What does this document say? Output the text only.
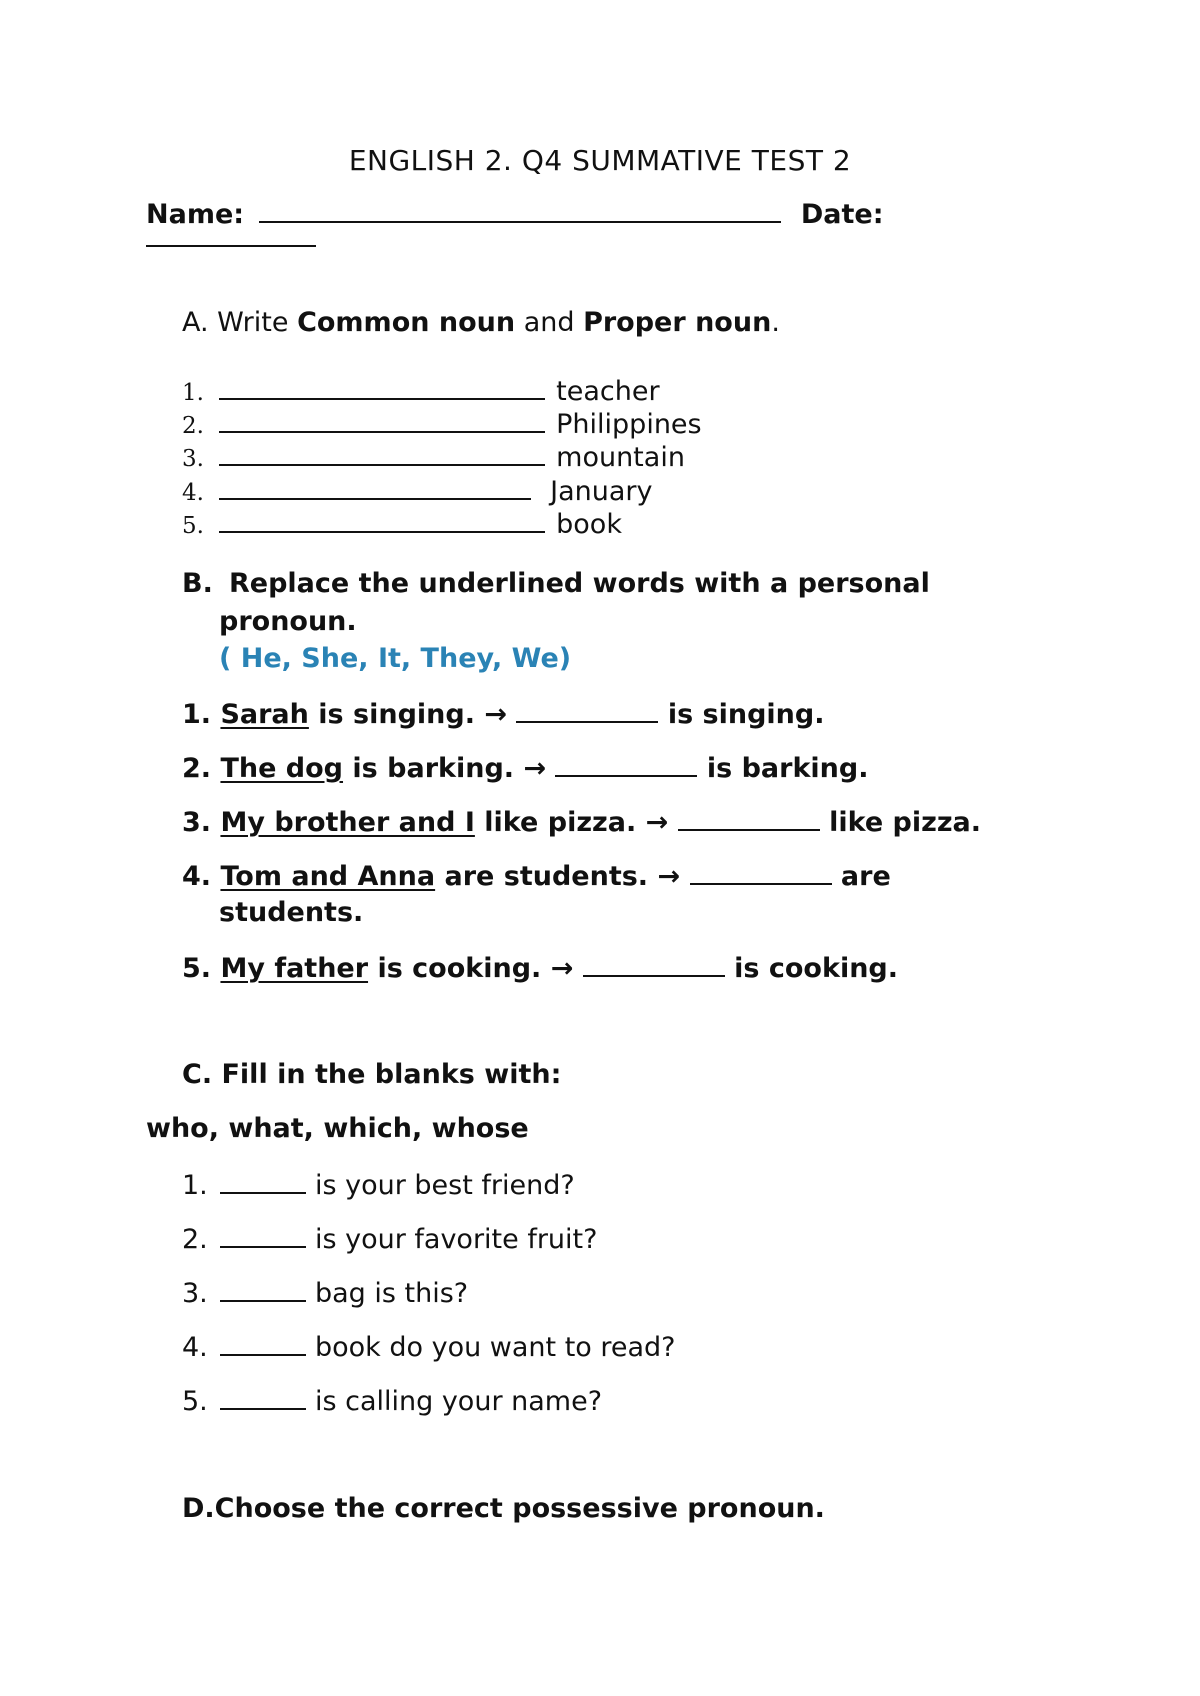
ENGLISH 2. Q4 SUMMATIVE TEST 2
Name:	Date:
A. Write Common noun and Proper noun.
1.	teacher
2.	Philippines
3.	mountain
4.	January
5.	book
B. Replace the underlined words with a personal
pronoun.
( He, She, It, They, We)
1. Sarah is singing. →	is singing.
2. The dog is barking. →	is barking.
3. My brother and I like pizza. →	like pizza.
4. Tom and Anna are students. →	are
students.
5. My father is cooking. →	is cooking.
C. Fill in the blanks with:
who, what, which, whose
1.	is your best friend?
2.	is your favorite fruit?
3.	bag is this?
4.	book do you want to read?
5.	is calling your name?
D.Choose the correct possessive pronoun.
